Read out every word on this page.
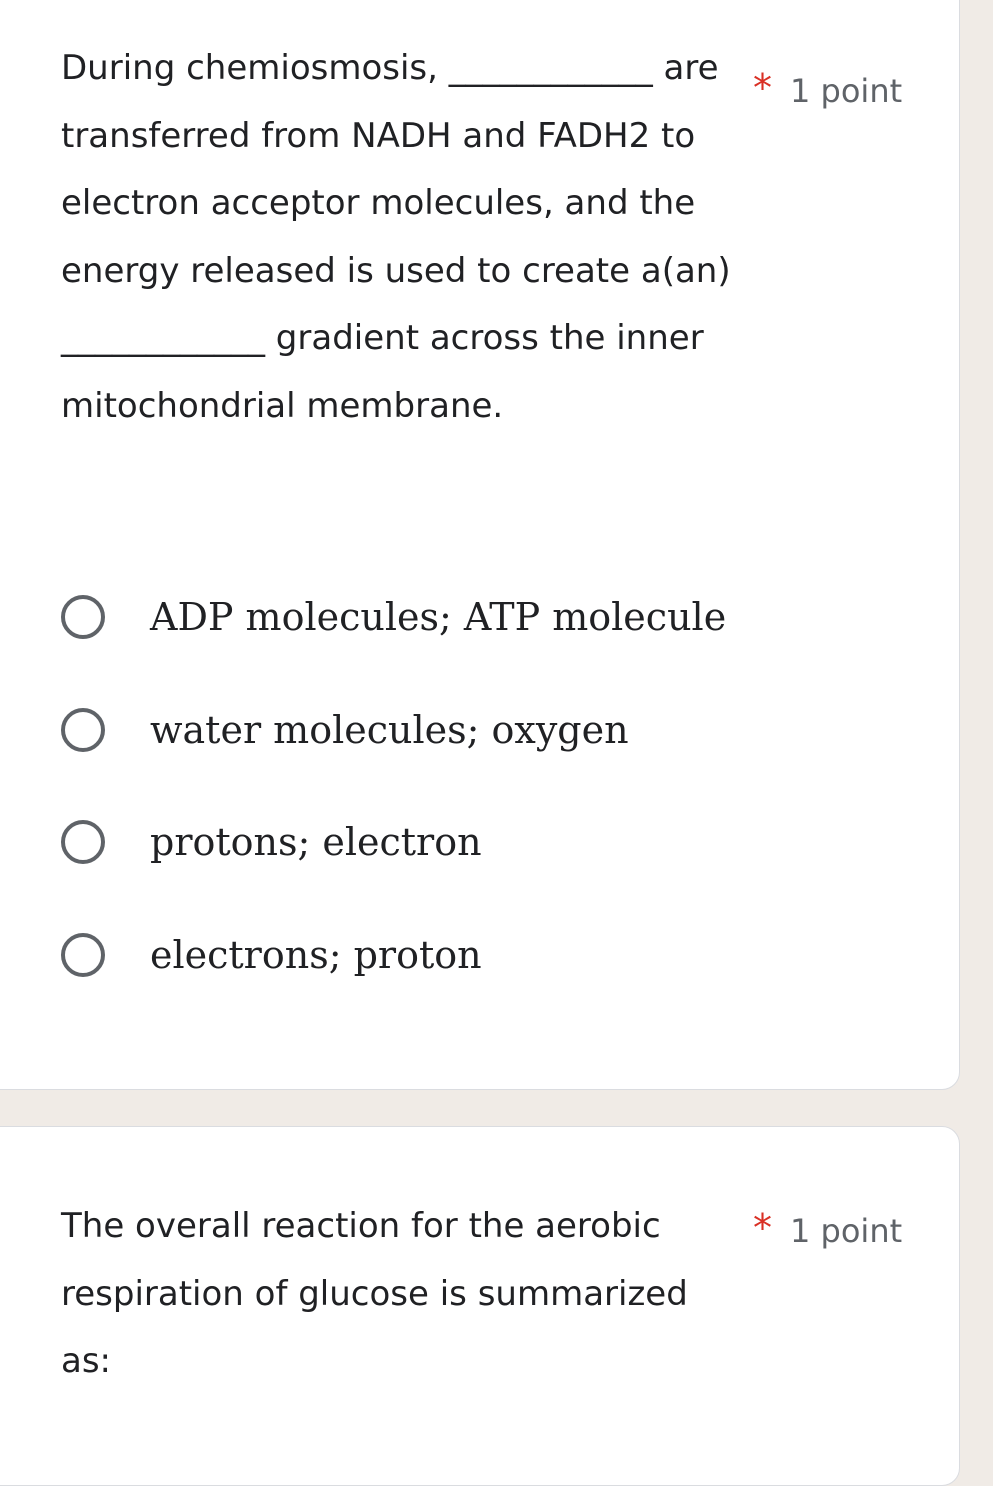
During chemiosmosis, ____________ are transferred from NADH and FADH2 to electron acceptor molecules, and the energy released is used to create a(an) ____________ gradient across the inner mitochondrial membrane.

* 1 point
ADP molecules; ATP molecule
water molecules; oxygen
protons; electron
electrons; proton

The overall reaction for the aerobic respiration of glucose is summarized as:

* 1 point
